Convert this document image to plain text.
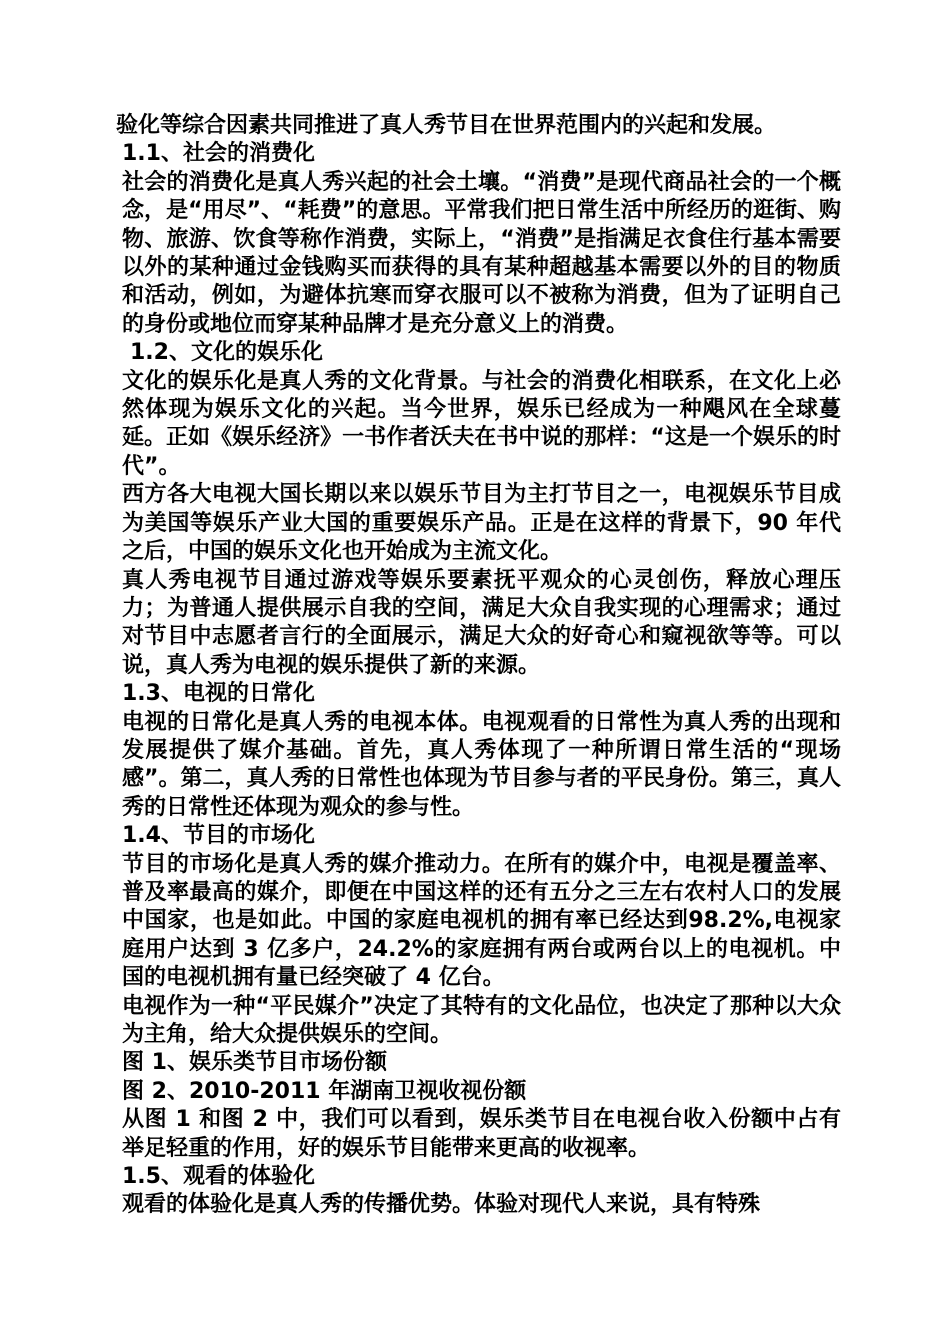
验化等综合因素共同推进了真人秀节目在世界范围内的兴起和发展。

1.1、社会的消费化

社会的消费化是真人秀兴起的社会土壤。“消费”是现代商品社会的一个概念，是“用尽”、“耗费”的意思。平常我们把日常生活中所经历的逛街、购物、旅游、饮食等称作消费，实际上，“消费”是指满足衣食住行基本需要以外的某种通过金钱购买而获得的具有某种超越基本需要以外的目的物质和活动，例如，为避体抗寒而穿衣服可以不被称为消费，但为了证明自己的身份或地位而穿某种品牌才是充分意义上的消费。

1.2、文化的娱乐化

文化的娱乐化是真人秀的文化背景。与社会的消费化相联系，在文化上必然体现为娱乐文化的兴起。当今世界，娱乐已经成为一种飓风在全球蔓延。正如《娱乐经济》一书作者沃夫在书中说的那样：“这是一个娱乐的时代”。

西方各大电视大国长期以来以娱乐节目为主打节目之一，电视娱乐节目成为美国等娱乐产业大国的重要娱乐产品。正是在这样的背景下，90 年代之后，中国的娱乐文化也开始成为主流文化。

真人秀电视节目通过游戏等娱乐要素抚平观众的心灵创伤，释放心理压力；为普通人提供展示自我的空间，满足大众自我实现的心理需求；通过对节目中志愿者言行的全面展示，满足大众的好奇心和窥视欲等等。可以说，真人秀为电视的娱乐提供了新的来源。

1.3、电视的日常化

电视的日常化是真人秀的电视本体。电视观看的日常性为真人秀的出现和发展提供了媒介基础。首先，真人秀体现了一种所谓日常生活的“现场感”。第二，真人秀的日常性也体现为节目参与者的平民身份。第三，真人秀的日常性还体现为观众的参与性。

1.4、节目的市场化

节目的市场化是真人秀的媒介推动力。在所有的媒介中，电视是覆盖率、普及率最高的媒介，即便在中国这样的还有五分之三左右农村人口的发展中国家，也是如此。中国的家庭电视机的拥有率已经达到98.2%,电视家庭用户达到 3 亿多户，24.2%的家庭拥有两台或两台以上的电视机。中国的电视机拥有量已经突破了 4 亿台。

电视作为一种“平民媒介”决定了其特有的文化品位，也决定了那种以大众为主角，给大众提供娱乐的空间。

图 1、娱乐类节目市场份额

图 2、2010-2011 年湖南卫视收视份额

从图 1 和图 2 中，我们可以看到，娱乐类节目在电视台收入份额中占有举足轻重的作用，好的娱乐节目能带来更高的收视率。

1.5、观看的体验化

观看的体验化是真人秀的传播优势。体验对现代人来说，具有特殊
